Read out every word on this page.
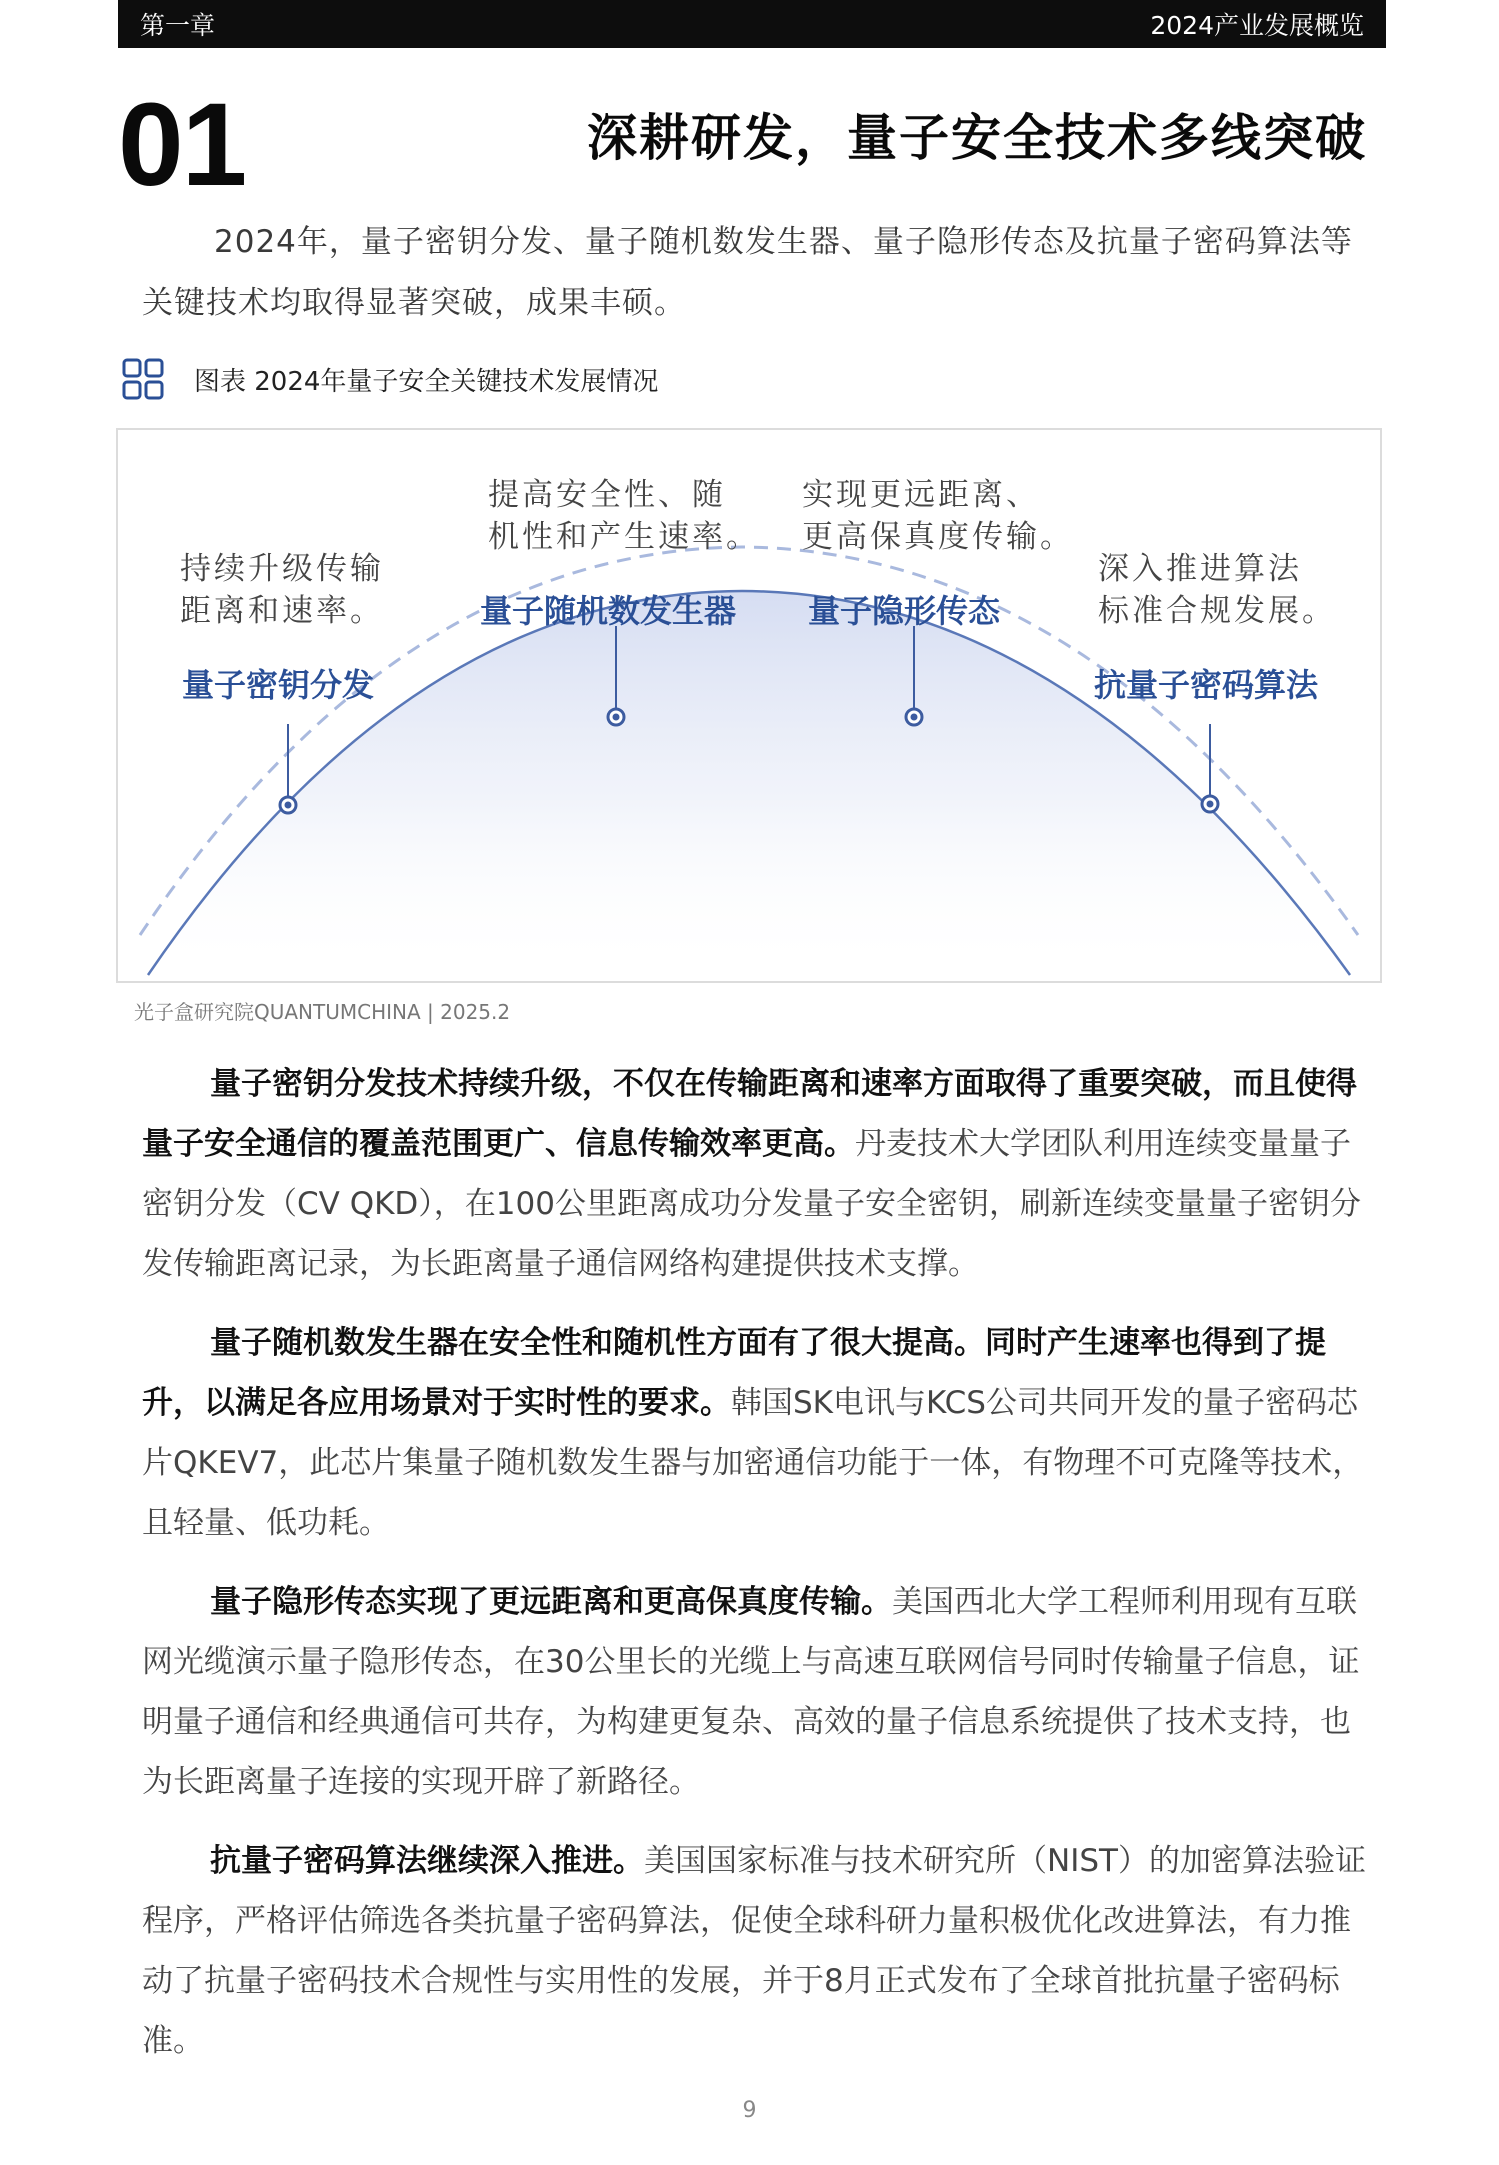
第一章	2024产业发展概览
01	深耕研发，量子安全技术多线突破
2024年，量子密钥分发、量子随机数发生器、量子隐形传态及抗量子密码算法等关键技术均取得显著突破，成果丰硕。
图表 2024年量子安全关键技术发展情况
持续升级传输
距离和速率。
量子密钥分发
提高安全性、随
机性和产生速率。
量子随机数发生器
实现更远距离、
更高保真度传输。
量子隐形传态
深入推进算法
标准合规发展。
抗量子密码算法
光子盒研究院QUANTUMCHINA | 2025.2
量子密钥分发技术持续升级，不仅在传输距离和速率方面取得了重要突破，而且使得量子安全通信的覆盖范围更广、信息传输效率更高。丹麦技术大学团队利用连续变量量子密钥分发（CV QKD），在100公里距离成功分发量子安全密钥，刷新连续变量量子密钥分发传输距离记录，为长距离量子通信网络构建提供技术支撑。
量子随机数发生器在安全性和随机性方面有了很大提高。同时产生速率也得到了提升，以满足各应用场景对于实时性的要求。韩国SK电讯与KCS公司共同开发的量子密码芯片QKEV7，此芯片集量子随机数发生器与加密通信功能于一体，有物理不可克隆等技术，且轻量、低功耗。
量子隐形传态实现了更远距离和更高保真度传输。美国西北大学工程师利用现有互联网光缆演示量子隐形传态，在30公里长的光缆上与高速互联网信号同时传输量子信息，证明量子通信和经典通信可共存，为构建更复杂、高效的量子信息系统提供了技术支持，也为长距离量子连接的实现开辟了新路径。
抗量子密码算法继续深入推进。美国国家标准与技术研究所（NIST）的加密算法验证程序，严格评估筛选各类抗量子密码算法，促使全球科研力量积极优化改进算法，有力推动了抗量子密码技术合规性与实用性的发展，并于8月正式发布了全球首批抗量子密码标准。
9
